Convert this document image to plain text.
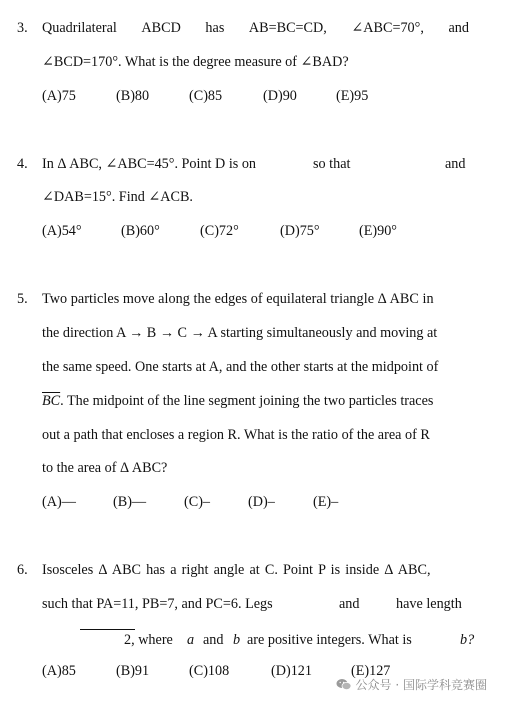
3. Quadrilateral ABCD has AB=BC=CD, ∠ABC=70°, and
∠BCD=170°. What is the degree measure of ∠BAD?
(A)75	(B)80	(C)85	(D)90	(E)95
4. In Δ ABC, ∠ABC=45°. Point D is on	so that	and
∠DAB=15°. Find ∠ACB.
(A)54°	(B)60°	(C)72°	(D)75°	(E)90°
5. Two particles move along the edges of equilateral triangle Δ ABC in
the direction A → B → C → A starting simultaneously and moving at
the same speed. One starts at A, and the other starts at the midpoint of
$\overline{BC}$. The midpoint of the line segment joining the two particles traces
out a path that encloses a region R. What is the ratio of the area of R
to the area of Δ ABC?
(A)—	(B)—	(C)–	(D)–	(E)–
6. Isosceles Δ ABC has a right angle at C. Point P is inside Δ ABC,
such that PA=11, PB=7, and PC=6. Legs	and	have length
2, where a and b are positive integers. What is	b?
(A)85	(B)91	(C)108	(D)121	(E)127
公众号 · 国际学科竞赛圈
